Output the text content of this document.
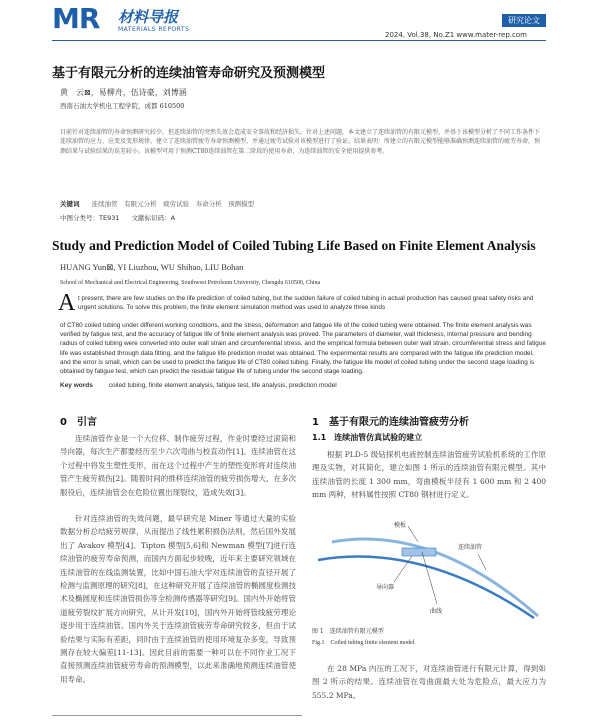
MR 材料导报
MATERIALS REPORTS
研究论文
2024, Vol.38, No.Z1 www.mater-rep.com
基于有限元分析的连续油管寿命研究及预测模型
黄　云⊠，易柳舟，伍诗豪，刘博涵
西南石油大学机电工程学院，成都 610500
目前针对连续油管的寿命预测研究较少，但连续油管的突然失效会造成安全事故和经济损失。针对上述问题，本文建立了连续油管的有限元模型，并基于该模型分析了不同工作条件下连续油管的应力、应变及变形规律，建立了连续油管疲劳寿命预测模型，并通过疲劳试验对该模型进行了验证。结果表明：所建立的有限元模型能够准确预测连续油管的疲劳寿命，预测结果与试验结果的误差较小。该模型可用于预测CT80连续油管在第二阶段的使用寿命，为连续油管的安全使用提供参考。
关键词 连续油管　有限元分析　疲劳试验　寿命分析　预测模型
中图分类号：TE931 文献标识码：A
Study and Prediction Model of Coiled Tubing Life Based on Finite Element Analysis
HUANG Yun⊠, YI Liuzhou, WU Shihao, LIU Bohan
School of Mechanical and Electrical Engineering, Southwest Petroleum University, Chengdu 610500, China
A t present, there are few studies on the life prediction of coiled tubing, but the sudden failure of coiled tubing in actual production has caused great safety risks and urgent solutions. To solve this problem, the finite element simulation method was used to analyze three kinds
of CT80 coiled tubing under different working conditions, and the stress, deformation and fatigue life of the coiled tubing were obtained. The finite element analysis was verified by fatigue test, and the accuracy of fatigue life of finite element analysis was proved. The parameters of diameter, wall thickness, internal pressure and bending radius of coiled tubing were converted into outer wall strain and circumferential stress, and the empirical formula between outer wall strain, circumferential stress and fatigue life was established through data fitting, and the fatigue life prediction model was obtained. The experimental results are compared with the fatigue life prediction model, and the error is small, which can be used to predict the fatigue life of CT80 coiled tubing. Finally, the fatigue life model of coiled tubing under the second stage loading is obtained by fatigue test, which can predict the residual fatigue life of tubing under the second stage loading.
Key words coiled tubing, finite element analysis, fatigue test, life analysis, prediction model
0　引言
连续油管作业是一个大位移、制作疲劳过程，作业时要经过滚筒和导向器，每次生产都要经历至少六次弯曲与校直动作[1]。连续油管在这个过程中将发生塑性变形，而在这个过程中产生的塑性变形将对连续油管产生疲劳损伤[2]。随着时间的推移连续油管的疲劳损伤增大，在多次服役后，连续油管会在危险位置出现裂纹，造成失效[3]。
针对连续油管的失效问题，最早研究是 Miner 等通过大量的实验数据分析总结疲劳规律，从而提出了线性累积损伤法则，然后国外发展出了 Avakov 模型[4]、Tipton 模型[5,6]和 Newman 模型[7]进行连续油管的疲劳寿命预测，而国内方面起步较晚，近年来主要研究领域在连续油管的在线监测装置，比如中国石油大学对连续油管的直径开展了检测与监测原理的研究[8]，在这种研究开展了连续油管的椭圆度检测技术及椭圆度和连续油管损伤等全检测传感器等研究[9]。国内外开始将管道疲劳裂纹扩展方向研究，从计开发[10]，国内外开始将管线疲劳理论逐步用于连续油管。国内外关于连续油管疲劳寿命研究较多，但由于试验结果与实际有差距，同时由于连续油管的使用环境复杂多变，导致预测存在较大偏差[11-13]。因此目前的需要一种可以在不同作业工况下直接预测连续油管疲劳寿命的预测模型，以此来准确地预测连续油管使用寿命。
1　基于有限元的连续油管疲劳分析
1.1　连续油管仿真试验的建立
根据 PLD-5 级钻探机电液控制连续油管疲劳试验机系统的工作原理及实物，对其简化，建立如图 1 所示的连续油管有限元模型。其中连续油管的长度 1 300 mm，弯曲模板半径有 1 600 mm 和 2 400 mm 两种，材料属性按照 CT80 钢材进行定义。
模板
连续油管
导向器
曲线
图 1　连续油管有限元模型
Fig.1　Coiled tubing finite element model
在 28 MPa 内压的工况下，对连续油管进行有限元计算，得到如图 2 所示的结果。连续油管在弯曲面最大处为危险点，最大应力为 555.2 MPa。
